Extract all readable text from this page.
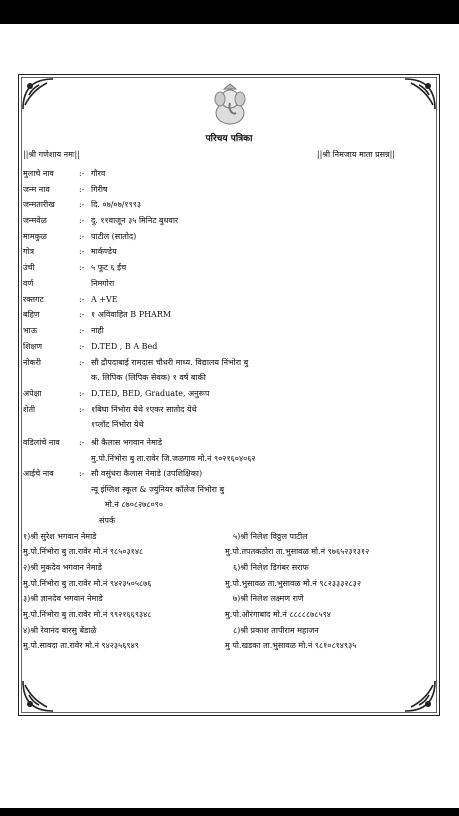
परिचय पत्रिका
||श्री गणेशाय नमः||	||श्री निमजाय माता प्रसन्न||
मुलाचे नाव	:- गौरव
जन्म नाव	:- गिरीष
जन्मतारीख	:- दि. ०७/०७/१९९३
जन्मवेळ	:- दु. ११वाजून ३५ मिनिट बुधवार
मामकुळ	:- पाटील (सातोद)
गोत्र	:- मार्कण्डेय
उंची	:- ५ फूट ६ ईंच
वर्ण	निमगोरा
रक्तगट	:- A +VE
बहिण	:- १ अविवाहित B PHARM
भाऊ	:- नाही
शिक्षण	:- D.TED , B A Bed
नोकरी	:- सौ द्रौपदाबाई रामदास चौधरी माध्य. विद्यालय निंभोरा बु
क. लिपिक (लिपिक सेवक) १ वर्ष बाकी
अपेक्षा	:- D.TED, BED, Graduate, अनुरूप
शेती	:- १बिघा निंभोरा येथे १एकर सातोद येथे
१प्लॉट निंभोरा येथे
वडिलांचे नाव :- श्री कैलास भगवान नेमाडे
मु.पो.निंभोरा बु ता.रावेर जि.जळगाव मो.नं ९०२१६०४०६२
आईचे नाव	:- सौ वसुंधरा कैलास नेमाडे (उपशिक्षिका)
न्यू इंग्लिश स्कूल & ज्युनियर कॉलेज निंभोरा बु
मो.नं ८७०८२७८०९०
संपर्क
१)श्री सुरेश भगवान नेमाडे	५)श्री निलेश विठ्ठल पाटील
मु.पो.निंभोरा बु ता.रावेर मो.नं ९८५०३१४८	मु.पो.तपतकठोरा ता.भुसावळ मो.नं ९७६५२३१३१२
२)श्री मुकदेव भगवान नेमाडे	६)श्री निलेश डिगंबर सराफ
मु.पो.निंभोरा बु ता.रावेर मो.नं ९४२३५०५८७६	मु.पो.भुसावळ ता.भुसावळ मो.नं ९८२३३३२८३२
३)श्री ज्ञानदेव भगवान नेमाडे	७)श्री निलेश लक्ष्मण राणे
मु.पो.निंभोरा बु ता.रावेर मो.नं ९९२१६६९३४८	मु.पो.औरंगाबाद मो.नं ८८८८८७८५९४
४)श्री रेवानंद बारसु बेंडाळे	८)श्री प्रकाश तापीराम महाजन
मु.पो.सावदा ता.रावेर मो.नं ९४२३५६९४९	मु पो.खडका ता.भुसावळ मो.नं ९८१०८१४९३५
